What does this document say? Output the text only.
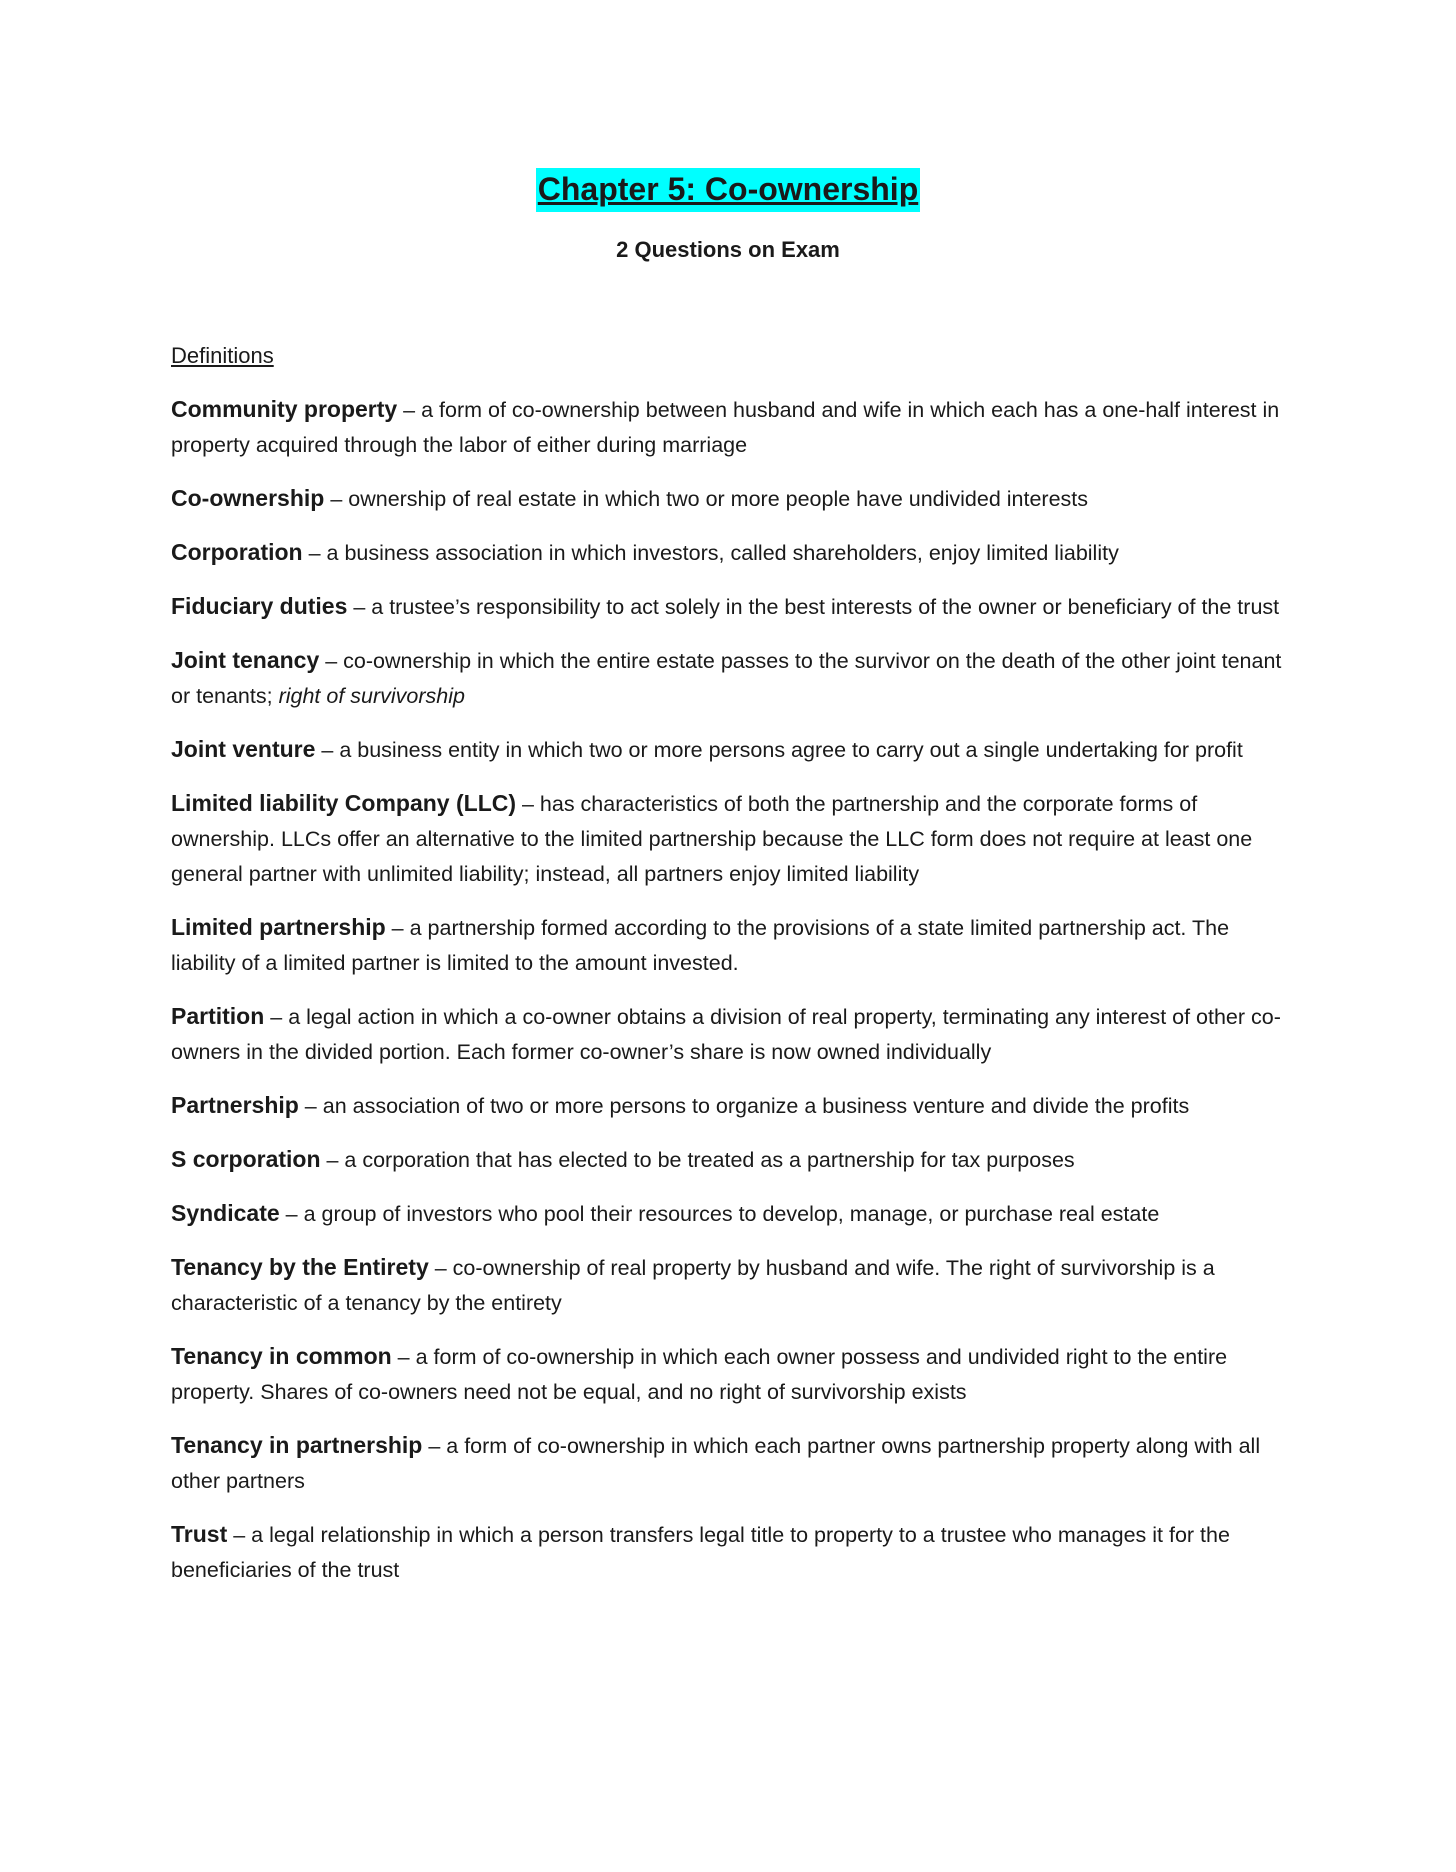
Chapter 5: Co-ownership
2 Questions on Exam
Definitions

Community property – a form of co-ownership between husband and wife in which each has a one-half interest in property acquired through the labor of either during marriage

Co-ownership – ownership of real estate in which two or more people have undivided interests

Corporation – a business association in which investors, called shareholders, enjoy limited liability

Fiduciary duties – a trustee’s responsibility to act solely in the best interests of the owner or beneficiary of the trust

Joint tenancy – co-ownership in which the entire estate passes to the survivor on the death of the other joint tenant or tenants; right of survivorship

Joint venture – a business entity in which two or more persons agree to carry out a single undertaking for profit

Limited liability Company (LLC) – has characteristics of both the partnership and the corporate forms of ownership. LLCs offer an alternative to the limited partnership because the LLC form does not require at least one general partner with unlimited liability; instead, all partners enjoy limited liability

Limited partnership – a partnership formed according to the provisions of a state limited partnership act. The liability of a limited partner is limited to the amount invested.

Partition – a legal action in which a co-owner obtains a division of real property, terminating any interest of other co-owners in the divided portion. Each former co-owner’s share is now owned individually

Partnership – an association of two or more persons to organize a business venture and divide the profits

S corporation – a corporation that has elected to be treated as a partnership for tax purposes

Syndicate – a group of investors who pool their resources to develop, manage, or purchase real estate

Tenancy by the Entirety – co-ownership of real property by husband and wife. The right of survivorship is a characteristic of a tenancy by the entirety

Tenancy in common – a form of co-ownership in which each owner possess and undivided right to the entire property. Shares of co-owners need not be equal, and no right of survivorship exists

Tenancy in partnership – a form of co-ownership in which each partner owns partnership property along with all other partners

Trust – a legal relationship in which a person transfers legal title to property to a trustee who manages it for the beneficiaries of the trust
